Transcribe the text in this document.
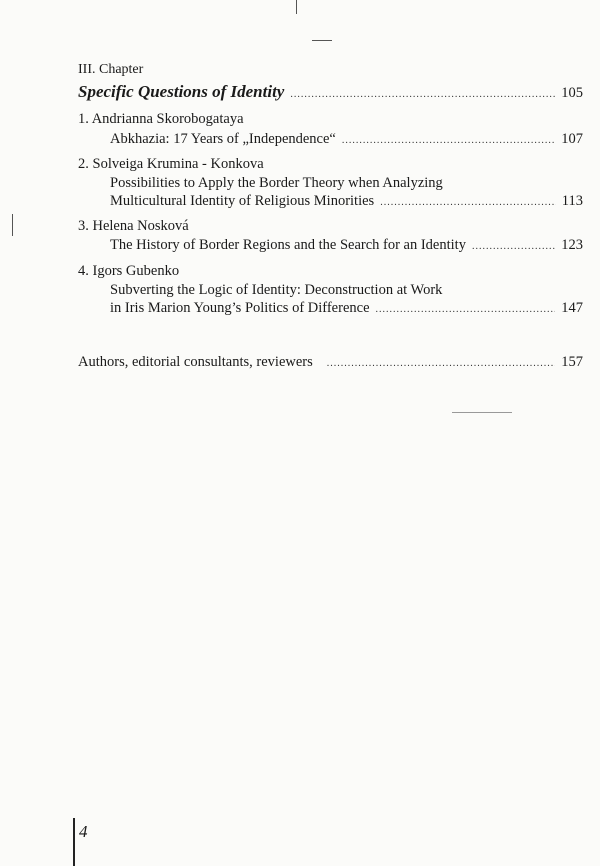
III. Chapter
Specific Questions of Identity .....	105
1. Andrianna Skorobogataya
Abkhazia: 17 Years of „Independence“ .....	107
2. Solveiga Krumina - Konkova
Possibilities to Apply the Border Theory when Analyzing
Multicultural Identity of Religious Minorities .....	113
3. Helena Nosková
The History of Border Regions and the Search for an Identity .....	123
4. Igors Gubenko
Subverting the Logic of Identity: Deconstruction at Work
in Iris Marion Young’s Politics of Difference .....	147
Authors, editorial consultants, reviewers .....	157
4
